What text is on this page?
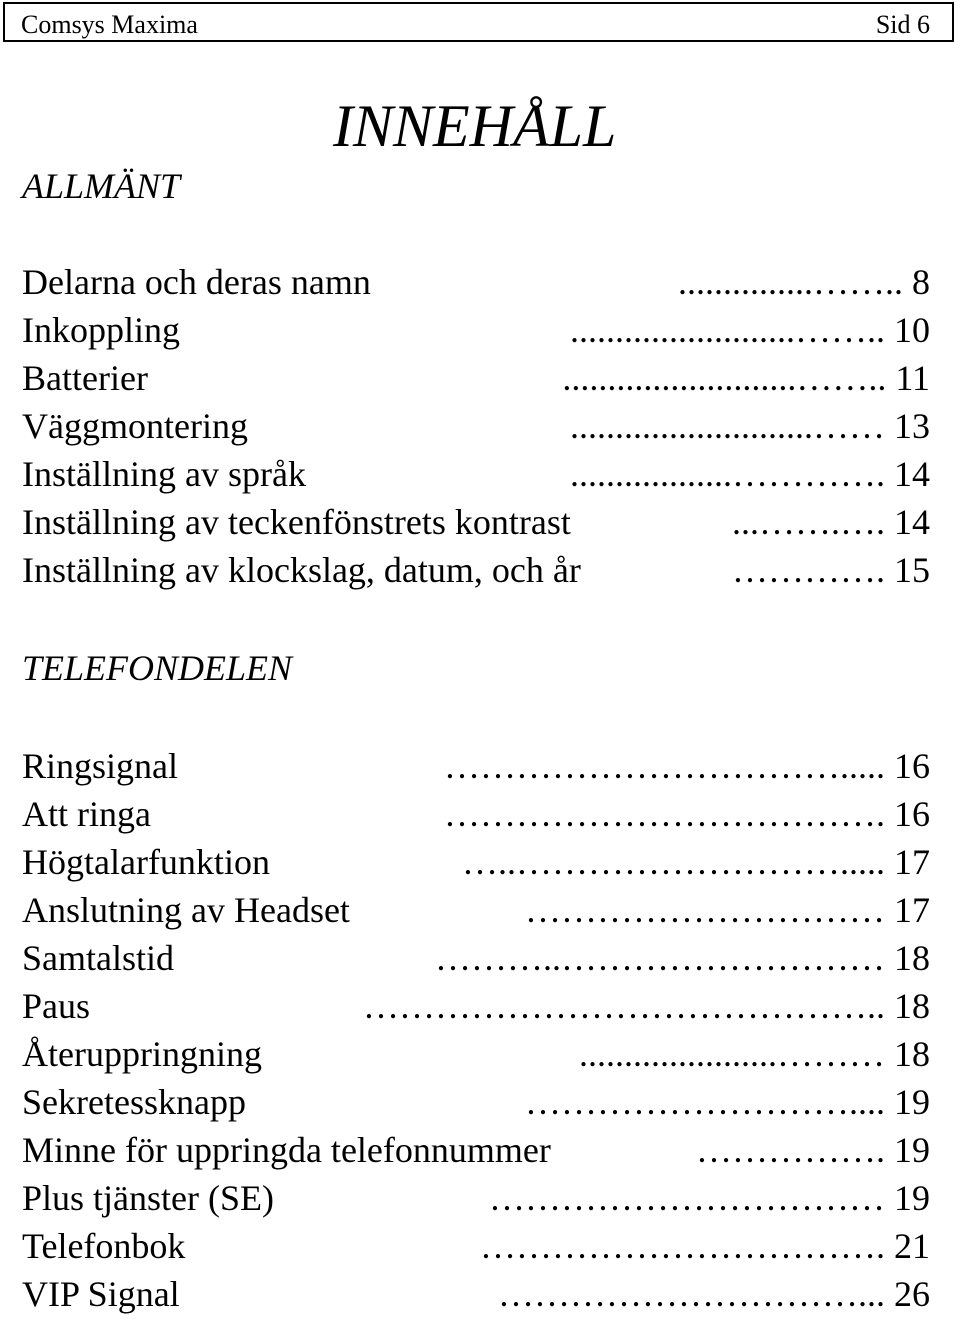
Comsys Maxima	Sid 6
INNEHÅLL
ALLMÄNT
Delarna och deras namn	...............…….. 8
Inkoppling	.........................…….. 10
Batterier	..........................…….. 11
Väggmontering	...........................…… 13
Inställning av språk	..................…………. 14
Inställning av teckenfönstrets kontrast	...…….…. 14
Inställning av klockslag, datum, och år	…………. 15
TELEFONDELEN
Ringsignal	……………………………..... 16
Att ringa	………………………………. 16
Högtalarfunktion	…..………………………..... 17
Anslutning av Headset	………………………… 17
Samtalstid	………..……………………… 18
Paus	…………………………………….. 18
Återuppringning	......................……… 18
Sekretessknapp	……………………….... 19
Minne för uppringda telefonnummer	……………. 19
Plus tjänster (SE)	…………………………… 19
Telefonbok	……………………………. 21
VIP Signal	…………………………... 26
